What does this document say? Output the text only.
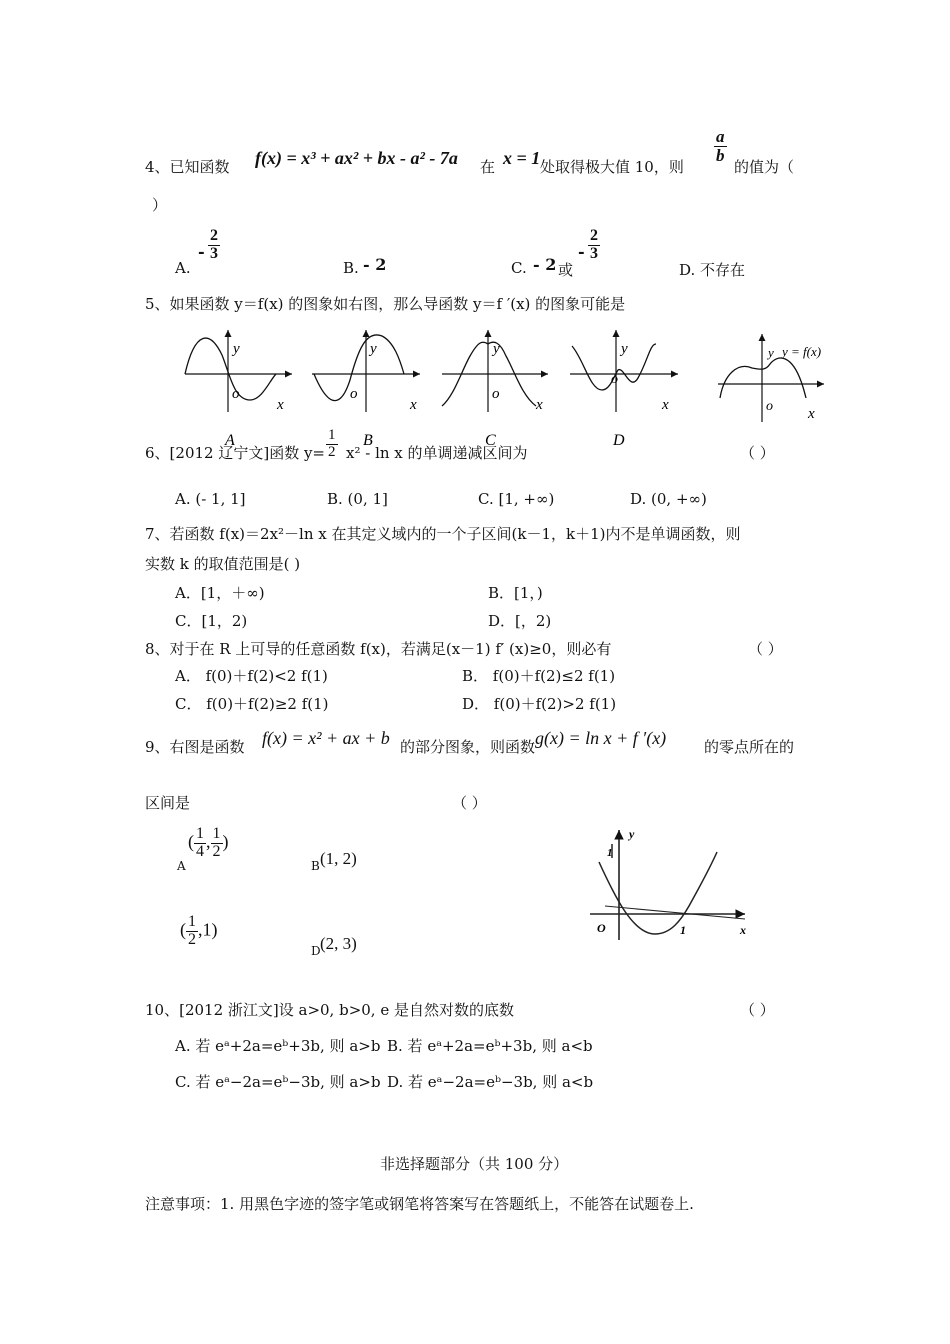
4、已知函数 f(x) = x³ + ax² + bx - a² - 7a 在 x = 1 处取得极大值 10，则
$\frac{a}{b}$
的值为（
）
A.
- $\frac{2}{3}$
B. - 2	C. - 2 或
- $\frac{2}{3}$
D. 不存在
5、如果函数 y＝f(x) 的图象如右图，那么导函数 y＝f ′(x) 的图象可能是
y
o
x
A
y
o
x
B
y
o
x
C
y
o
x
D
y y = f(x)
o x
6、[2012 辽宁文]函数 $y= \frac{1}{2} x^2 - \ln x$ 的单调递减区间为	（ ）
A. (- 1, 1]	B. (0, 1]	C. [1, +∞)	D. (0, +∞)
7、若函数 f(x)＝2x²－ln x 在其定义域内的一个子区间(k－1，k＋1)内不是单调函数，则
实数 k 的取值范围是( )
A．[1，＋∞)	B．[1，)
C．[1，2)	D．[，2)
8、对于在 R 上可导的任意函数 f(x)，若满足(x－1) f′ (x)≥0，则必有	（ ）
A． f(0)＋f(2)<2 f(1)	B． f(0)＋f(2)≤2 f(1)
C． f(0)＋f(2)≥2 f(1)	D． f(0)＋f(2)>2 f(1)
9、右图是函数 f(x) = x² + ax + b 的部分图象，则函数 g(x) = ln x + f ′(x)	的零点所在的
区间是	（ ）
A
( $\frac{1}{4}$ , $\frac{1}{2}$ )
B (1, 2)
( $\frac{1}{2} ,1$)
D (2, 3)
y
1
O	1	x
10、[2012 浙江文]设 a>0, b>0, e 是自然对数的底数	（ ）
A. 若 eᵃ+2a=eᵇ+3b, 则 a>b B. 若 eᵃ+2a=eᵇ+3b, 则 a<b
C. 若 eᵃ−2a=eᵇ−3b, 则 a>b D. 若 eᵃ−2a=eᵇ−3b, 则 a<b
非选择题部分（共 100 分）
注意事项：1. 用黑色字迹的签字笔或钢笔将答案写在答题纸上，不能答在试题卷上.
